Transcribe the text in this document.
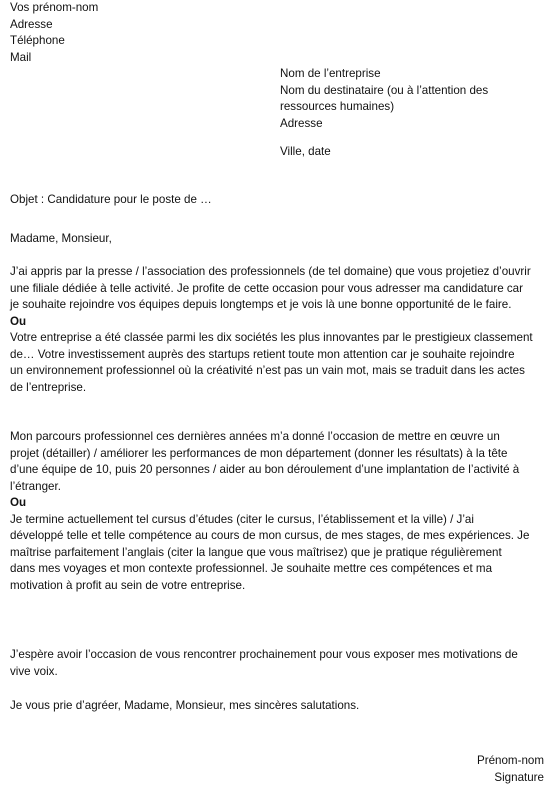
Vos prénom-nom
Adresse
Téléphone
Mail
Nom de l’entreprise
Nom du destinataire (ou à l’attention des
ressources humaines)
Adresse
Ville, date
Objet : Candidature pour le poste de …
Madame, Monsieur,
J’ai appris par la presse / l’association des professionnels (de tel domaine) que vous projetiez d’ouvrir
une filiale dédiée à telle activité. Je profite de cette occasion pour vous adresser ma candidature car
je souhaite rejoindre vos équipes depuis longtemps et je vois là une bonne opportunité de le faire.
Ou
Votre entreprise a été classée parmi les dix sociétés les plus innovantes par le prestigieux classement
de… Votre investissement auprès des startups retient toute mon attention car je souhaite rejoindre
un environnement professionnel où la créativité n’est pas un vain mot, mais se traduit dans les actes
de l’entreprise.
Mon parcours professionnel ces dernières années m’a donné l’occasion de mettre en œuvre un
projet (détailler) / améliorer les performances de mon département (donner les résultats) à la tête
d’une équipe de 10, puis 20 personnes / aider au bon déroulement d’une implantation de l’activité à
l’étranger.
Ou
Je termine actuellement tel cursus d’études (citer le cursus, l’établissement et la ville) / J’ai
développé telle et telle compétence au cours de mon cursus, de mes stages, de mes expériences. Je
maîtrise parfaitement l’anglais (citer la langue que vous maîtrisez) que je pratique régulièrement
dans mes voyages et mon contexte professionnel. Je souhaite mettre ces compétences et ma
motivation à profit au sein de votre entreprise.
J’espère avoir l’occasion de vous rencontrer prochainement pour vous exposer mes motivations de
vive voix.
Je vous prie d’agréer, Madame, Monsieur, mes sincères salutations.
Prénom-nom
Signature
